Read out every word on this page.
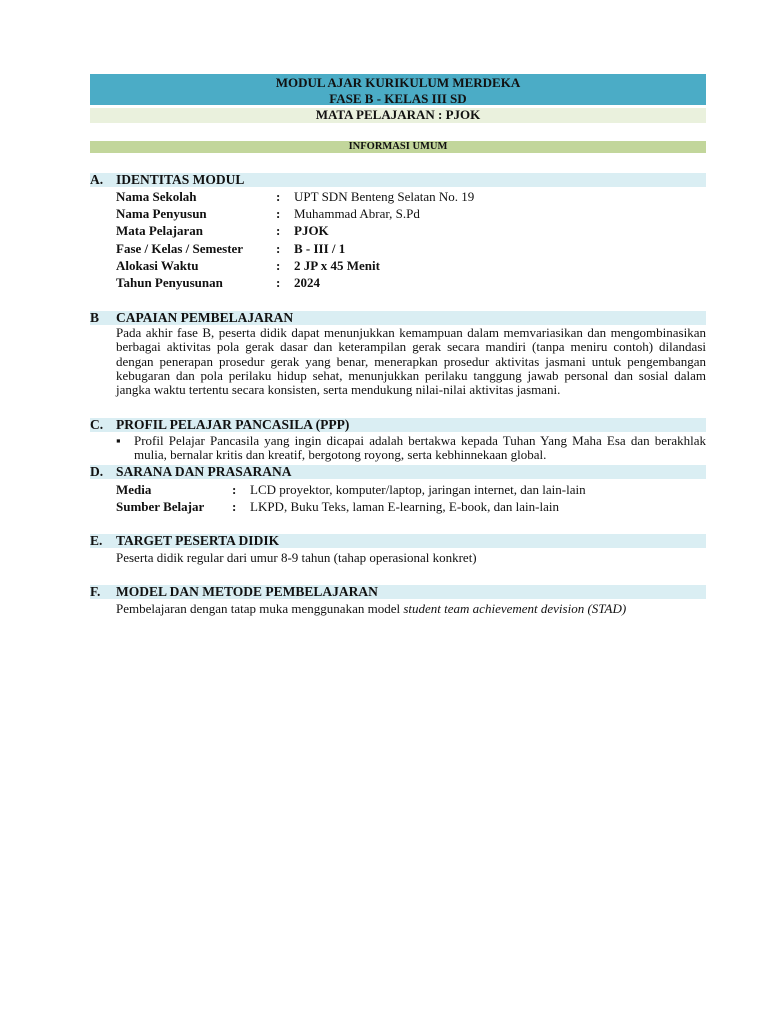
MODUL AJAR KURIKULUM MERDEKA
FASE B - KELAS III SD
MATA PELAJARAN : PJOK
INFORMASI UMUM
A. IDENTITAS MODUL
Nama Sekolah	:	UPT SDN Benteng Selatan No. 19
Nama Penyusun	:	Muhammad Abrar, S.Pd
Mata Pelajaran	:	PJOK
Fase / Kelas / Semester	:	B - III / 1
Alokasi Waktu	:	2 JP x 45 Menit
Tahun Penyusunan	:	2024
B	CAPAIAN PEMBELAJARAN
Pada akhir fase B, peserta didik dapat menunjukkan kemampuan dalam memvariasikan dan mengombinasikan berbagai aktivitas pola gerak dasar dan keterampilan gerak secara mandiri (tanpa meniru contoh) dilandasi dengan penerapan prosedur gerak yang benar, menerapkan prosedur aktivitas jasmani untuk pengembangan kebugaran dan pola perilaku hidup sehat, menunjukkan perilaku tanggung jawab personal dan sosial dalam jangka waktu tertentu secara konsisten, serta mendukung nilai-nilai aktivitas jasmani.
C. PROFIL PELAJAR PANCASILA (PPP)
▪	Profil Pelajar Pancasila yang ingin dicapai adalah bertakwa kepada Tuhan Yang Maha Esa dan berakhlak mulia, bernalar kritis dan kreatif, bergotong royong, serta kebhinnekaan global.
D. SARANA DAN PRASARANA
Media	:	LCD proyektor, komputer/laptop, jaringan internet, dan lain-lain
Sumber Belajar	:	LKPD, Buku Teks, laman E-learning, E-book, dan lain-lain
E.	TARGET PESERTA DIDIK
Peserta didik regular dari umur 8-9 tahun (tahap operasional konkret)
F.	MODEL DAN METODE PEMBELAJARAN
Pembelajaran dengan tatap muka menggunakan model student team achievement devision (STAD)
